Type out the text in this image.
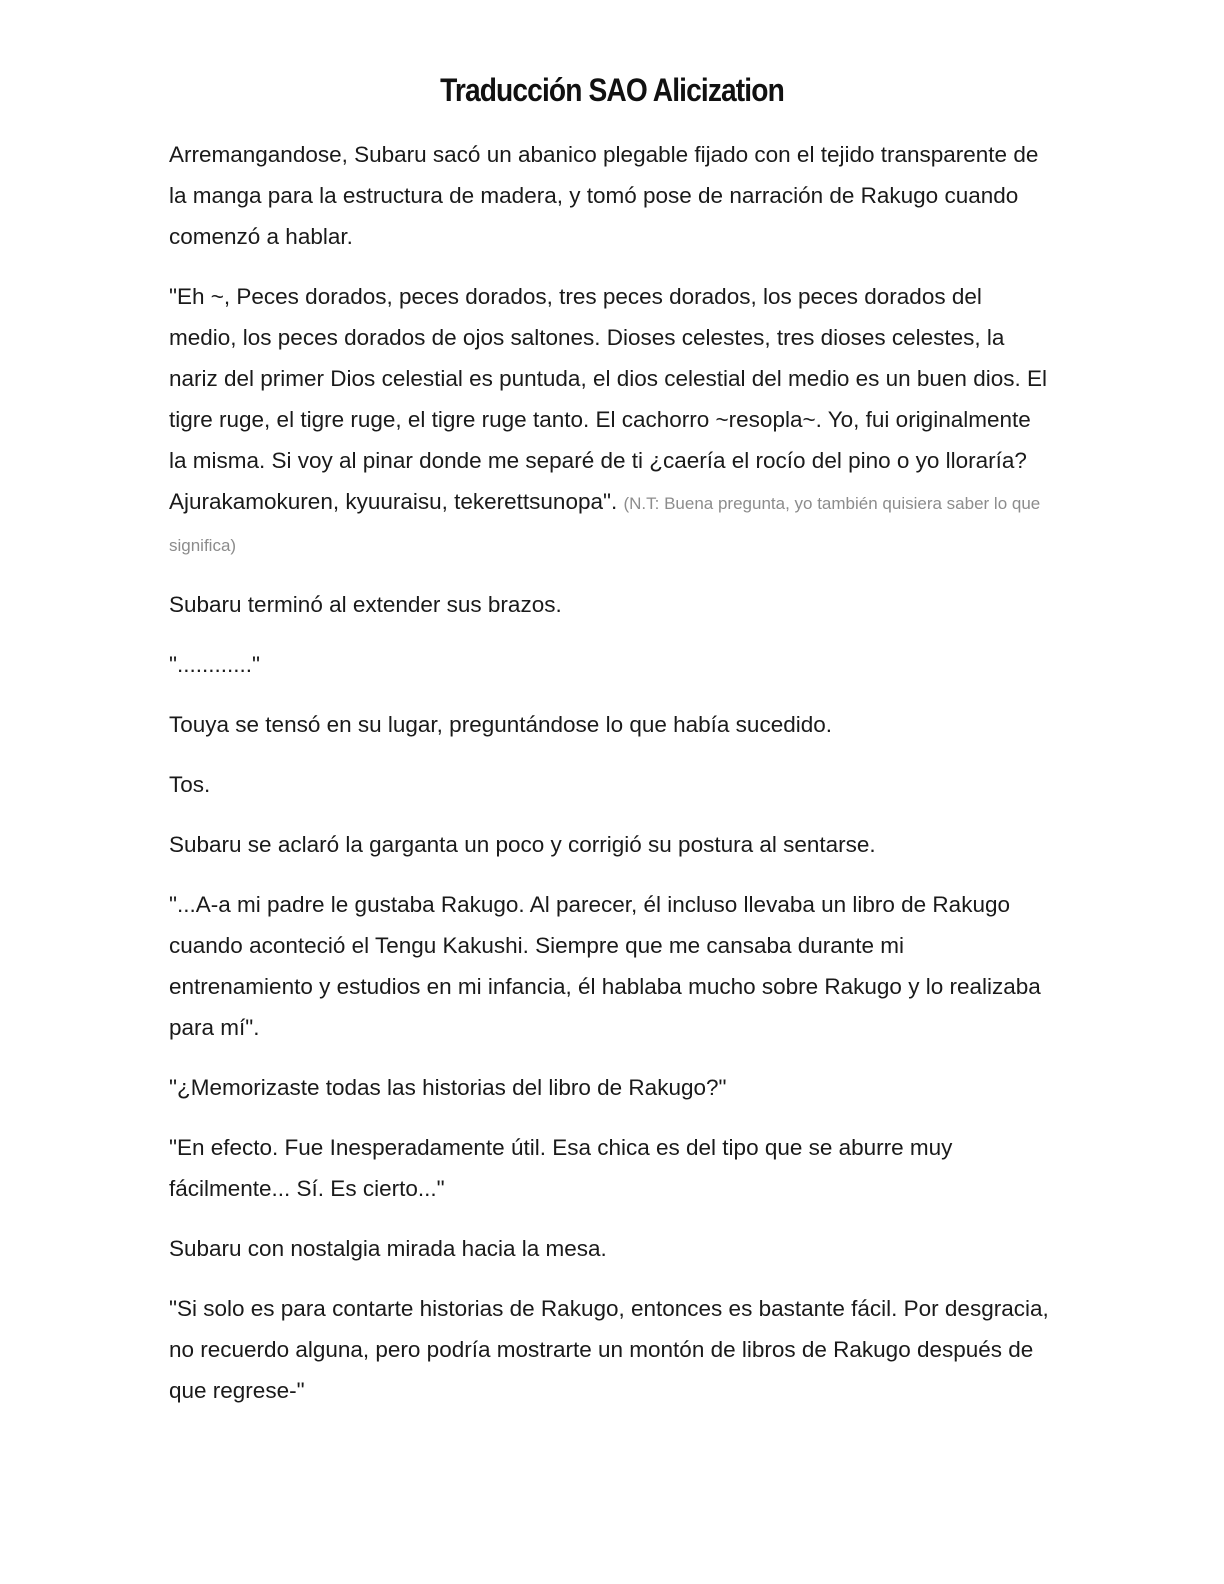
Traducción SAO Alicization

Arremangandose, Subaru sacó un abanico plegable fijado con el tejido transparente de la manga para la estructura de madera, y tomó pose de narración de Rakugo cuando comenzó a hablar.

"Eh ~, Peces dorados, peces dorados, tres peces dorados, los peces dorados del medio, los peces dorados de ojos saltones. Dioses celestes, tres dioses celestes, la nariz del primer Dios celestial es puntuda, el dios celestial del medio es un buen dios. El tigre ruge, el tigre ruge, el tigre ruge tanto. El cachorro ~resopla~. Yo, fui originalmente la misma. Si voy al pinar donde me separé de ti ¿caería el rocío del pino o yo lloraría? Ajurakamokuren, kyuuraisu, tekerettsunopa". (N.T: Buena pregunta, yo también quisiera saber lo que significa)

Subaru terminó al extender sus brazos.

"............"

Touya se tensó en su lugar, preguntándose lo que había sucedido.

Tos.

Subaru se aclaró la garganta un poco y corrigió su postura al sentarse.

"...A-a mi padre le gustaba Rakugo. Al parecer, él incluso llevaba un libro de Rakugo cuando aconteció el Tengu Kakushi. Siempre que me cansaba durante mi entrenamiento y estudios en mi infancia, él hablaba mucho sobre Rakugo y lo realizaba para mí".

"¿Memorizaste todas las historias del libro de Rakugo?"

"En efecto. Fue Inesperadamente útil. Esa chica es del tipo que se aburre muy fácilmente... Sí. Es cierto..."

Subaru con nostalgia mirada hacia la mesa.

"Si solo es para contarte historias de Rakugo, entonces es bastante fácil. Por desgracia, no recuerdo alguna, pero podría mostrarte un montón de libros de Rakugo después de que regrese-"
